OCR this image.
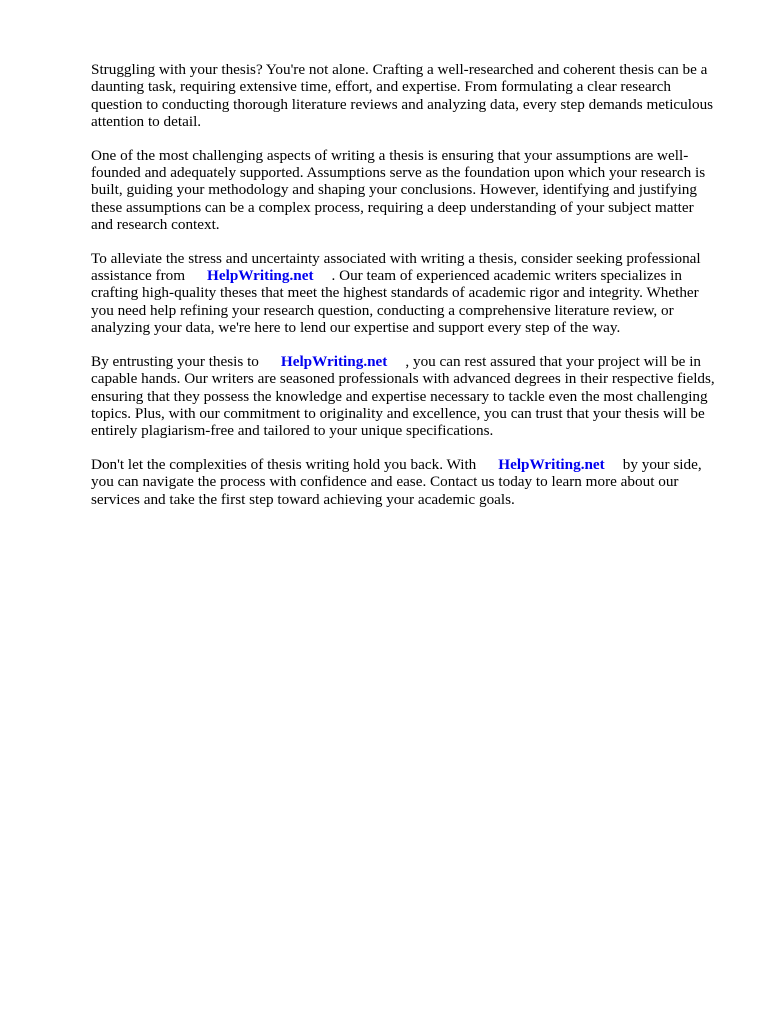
Struggling with your thesis? You're not alone. Crafting a well-researched and coherent thesis can be a daunting task, requiring extensive time, effort, and expertise. From formulating a clear research question to conducting thorough literature reviews and analyzing data, every step demands meticulous attention to detail.

One of the most challenging aspects of writing a thesis is ensuring that your assumptions are well-founded and adequately supported. Assumptions serve as the foundation upon which your research is built, guiding your methodology and shaping your conclusions. However, identifying and justifying these assumptions can be a complex process, requiring a deep understanding of your subject matter and research context.

To alleviate the stress and uncertainty associated with writing a thesis, consider seeking professional assistance from HelpWriting.net . Our team of experienced academic writers specializes in crafting high-quality theses that meet the highest standards of academic rigor and integrity. Whether you need help refining your research question, conducting a comprehensive literature review, or analyzing your data, we're here to lend our expertise and support every step of the way.

By entrusting your thesis to HelpWriting.net , you can rest assured that your project will be in capable hands. Our writers are seasoned professionals with advanced degrees in their respective fields, ensuring that they possess the knowledge and expertise necessary to tackle even the most challenging topics. Plus, with our commitment to originality and excellence, you can trust that your thesis will be entirely plagiarism-free and tailored to your unique specifications.

Don't let the complexities of thesis writing hold you back. With HelpWriting.net by your side, you can navigate the process with confidence and ease. Contact us today to learn more about our services and take the first step toward achieving your academic goals.
